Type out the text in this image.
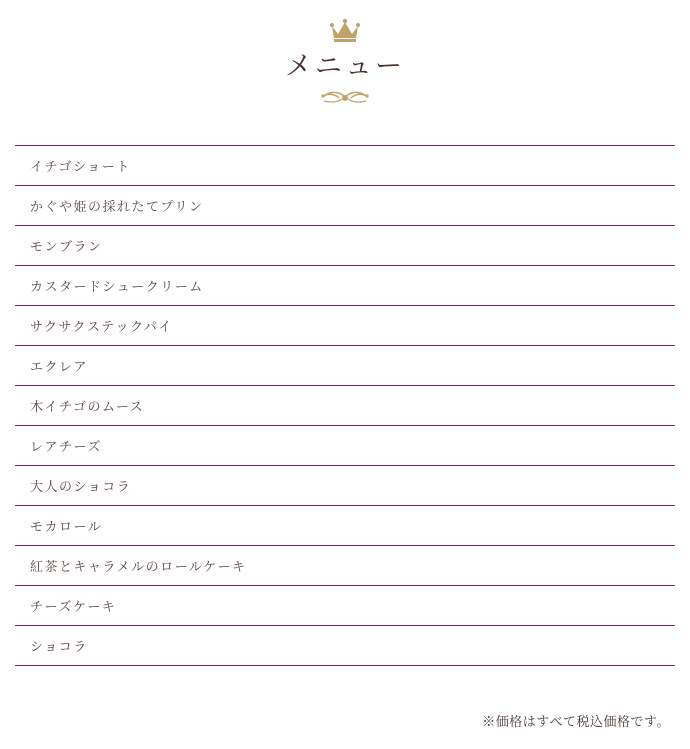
メニュー
イチゴショート
かぐや姫の採れたてプリン
モンブラン
カスタードシュークリーム
サクサクステックパイ
エクレア
木イチゴのムース
レアチーズ
大人のショコラ
モカロール
紅茶とキャラメルのロールケーキ
チーズケーキ
ショコラ
※価格はすべて税込価格です。
